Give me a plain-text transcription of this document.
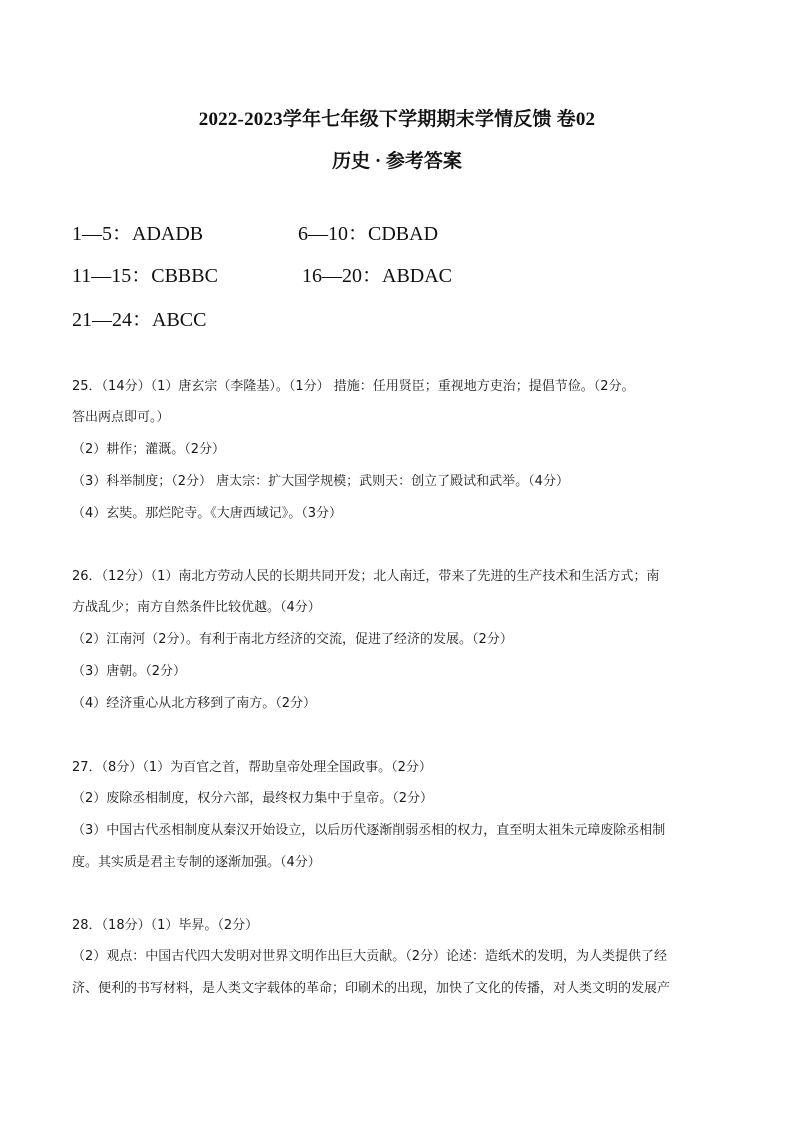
2022-2023学年七年级下学期期末学情反馈 卷02
历史 · 参考答案
1—5：ADADB	6—10：CDBAD
11—15：CBBBC	16—20：ABDAC
21—24：ABCC
25．（14分）（1）唐玄宗（李隆基）。（1分） 措施：任用贤臣；重视地方吏治；提倡节俭。（2分。
答出两点即可。）
（2）耕作；灌溉。（2分）
（3）科举制度；（2分） 唐太宗：扩大国学规模；武则天：创立了殿试和武举。（4分）
（4）玄奘。那烂陀寺。《大唐西域记》。（3分）
26．（12分）（1）南北方劳动人民的长期共同开发；北人南迁，带来了先进的生产技术和生活方式；南
方战乱少；南方自然条件比较优越。（4分）
（2）江南河（2分）。有利于南北方经济的交流，促进了经济的发展。（2分）
（3）唐朝。（2分）
（4）经济重心从北方移到了南方。（2分）
27．（8分）（1）为百官之首，帮助皇帝处理全国政事。（2分）
（2）废除丞相制度，权分六部，最终权力集中于皇帝。（2分）
（3）中国古代丞相制度从秦汉开始设立，以后历代逐渐削弱丞相的权力，直至明太祖朱元璋废除丞相制
度。其实质是君主专制的逐渐加强。（4分）
28．（18分）（1）毕昇。（2分）
（2）观点：中国古代四大发明对世界文明作出巨大贡献。（2分）论述：造纸术的发明，为人类提供了经
济、便利的书写材料，是人类文字载体的革命；印刷术的出现，加快了文化的传播，对人类文明的发展产
